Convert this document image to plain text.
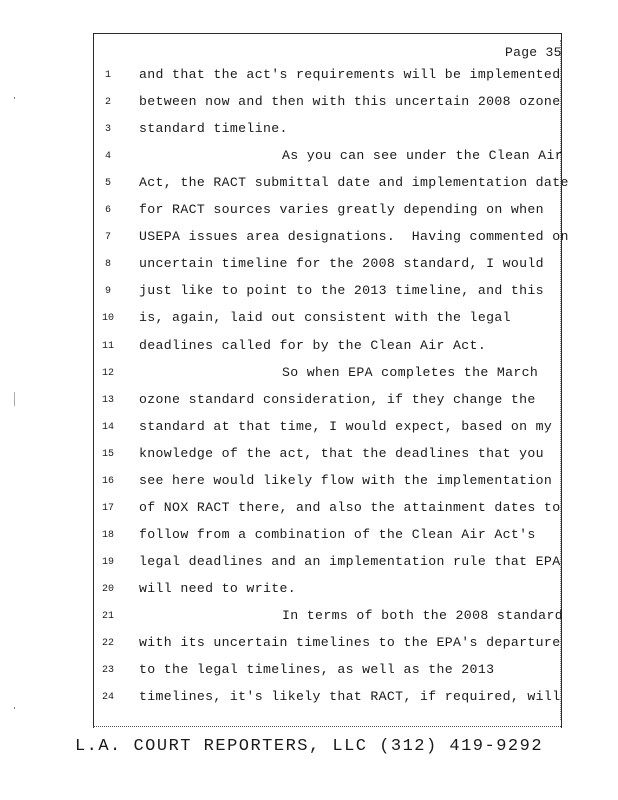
Page 35
1	and that the act's requirements will be implemented
2	between now and then with this uncertain 2008 ozone
3	standard timeline.
4	As you can see under the Clean Air
5	Act, the RACT submittal date and implementation date
6	for RACT sources varies greatly depending on when
7	USEPA issues area designations.  Having commented on
8	uncertain timeline for the 2008 standard, I would
9	just like to point to the 2013 timeline, and this
10	is, again, laid out consistent with the legal
11	deadlines called for by the Clean Air Act.
12	So when EPA completes the March
13	ozone standard consideration, if they change the
14	standard at that time, I would expect, based on my
15	knowledge of the act, that the deadlines that you
16	see here would likely flow with the implementation
17	of NOX RACT there, and also the attainment dates to
18	follow from a combination of the Clean Air Act's
19	legal deadlines and an implementation rule that EPA
20	will need to write.
21	In terms of both the 2008 standard
22	with its uncertain timelines to the EPA's departure
23	to the legal timelines, as well as the 2013
24	timelines, it's likely that RACT, if required, will
L.A. COURT REPORTERS, LLC (312) 419-9292
